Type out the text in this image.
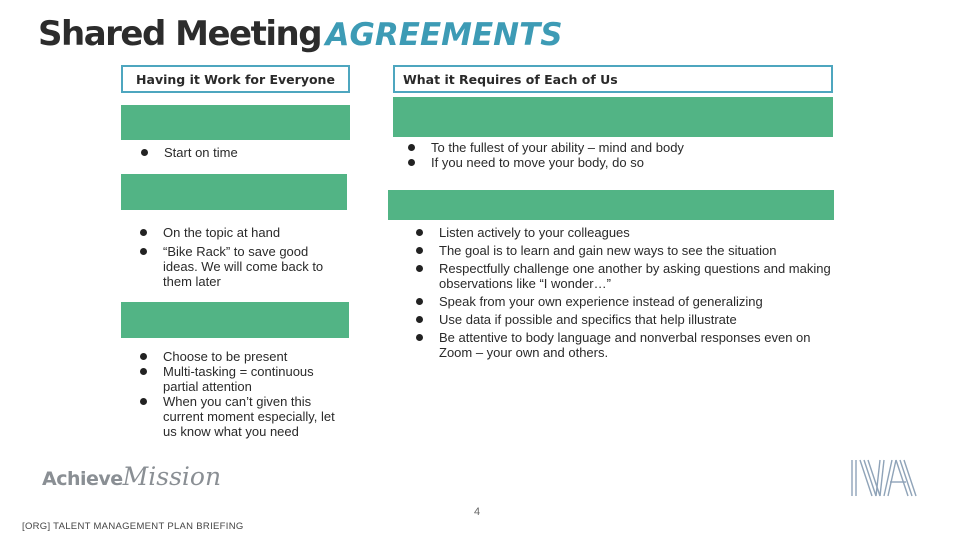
Shared Meeting AGREEMENTS
Having it Work for Everyone	What it Requires of Each of Us
Start on time
On the topic at hand
“Bike Rack” to save good ideas. We will come back to them later
Choose to be present
Multi-tasking = continuous partial attention
When you can’t given this current moment especially, let us know what you need
To the fullest of your ability – mind and body
If you need to move your body, do so
Listen actively to your colleagues
The goal is to learn and gain new ways to see the situation
Respectfully challenge one another by asking questions and making observations like “I wonder…”
Speak from your own experience instead of generalizing
Use data if possible and specifics that help illustrate
Be attentive to body language and nonverbal responses even on Zoom – your own and others.
AchieveMission
4
[ORG] TALENT MANAGEMENT PLAN BRIEFING
